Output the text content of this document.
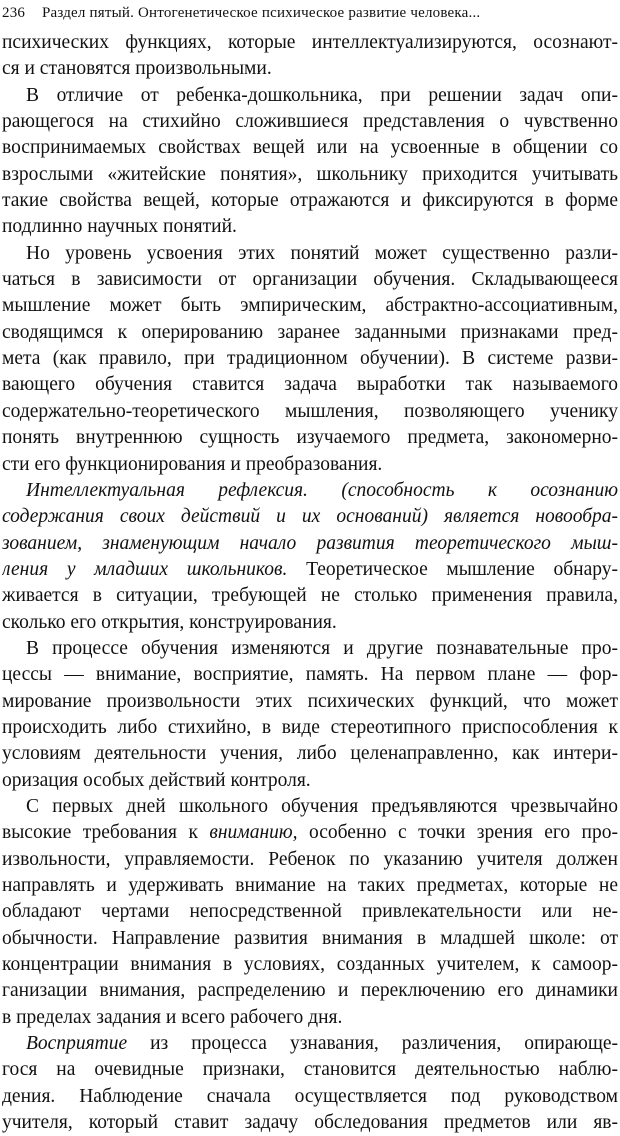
236 Раздел пятый. Онтогенетическое психическое развитие человека...
психических функциях, которые интеллектуализируются, осознают-
ся и становятся произвольными.
В отличие от ребенка-дошкольника, при решении задач опи-
рающегося на стихийно сложившиеся представления о чувственно
воспринимаемых свойствах вещей или на усвоенные в общении со
взрослыми «житейские понятия», школьнику приходится учитывать
такие свойства вещей, которые отражаются и фиксируются в форме
подлинно научных понятий.
Но уровень усвоения этих понятий может существенно разли-
чаться в зависимости от организации обучения. Складывающееся
мышление может быть эмпирическим, абстрактно-ассоциативным,
сводящимся к оперированию заранее заданными признаками пред-
мета (как правило, при традиционном обучении). В системе разви-
вающего обучения ставится задача выработки так называемого
содержательно-теоретического мышления, позволяющего ученику
понять внутреннюю сущность изучаемого предмета, закономерно-
сти его функционирования и преобразования.
Интеллектуальная рефлексия. (способность к осознанию
содержания своих действий и их оснований) является новообра-
зованием, знаменующим начало развития теоретического мыш-
ления у младших школьников. Теоретическое мышление обнару-
живается в ситуации, требующей не столько применения правила,
сколько его открытия, конструирования.
В процессе обучения изменяются и другие познавательные про-
цессы — внимание, восприятие, память. На первом плане — фор-
мирование произвольности этих психических функций, что может
происходить либо стихийно, в виде стереотипного приспособления к
условиям деятельности учения, либо целенаправленно, как интери-
оризация особых действий контроля.
С первых дней школьного обучения предъявляются чрезвычайно
высокие требования к вниманию, особенно с точки зрения его про-
извольности, управляемости. Ребенок по указанию учителя должен
направлять и удерживать внимание на таких предметах, которые не
обладают чертами непосредственной привлекательности или не-
обычности. Направление развития внимания в младшей школе: от
концентрации внимания в условиях, созданных учителем, к самоор-
ганизации внимания, распределению и переключению его динамики
в пределах задания и всего рабочего дня.
Восприятие из процесса узнавания, различения, опирающе-
гося на очевидные признаки, становится деятельностью наблю-
дения. Наблюдение сначала осуществляется под руководством
учителя, который ставит задачу обследования предметов или яв-
